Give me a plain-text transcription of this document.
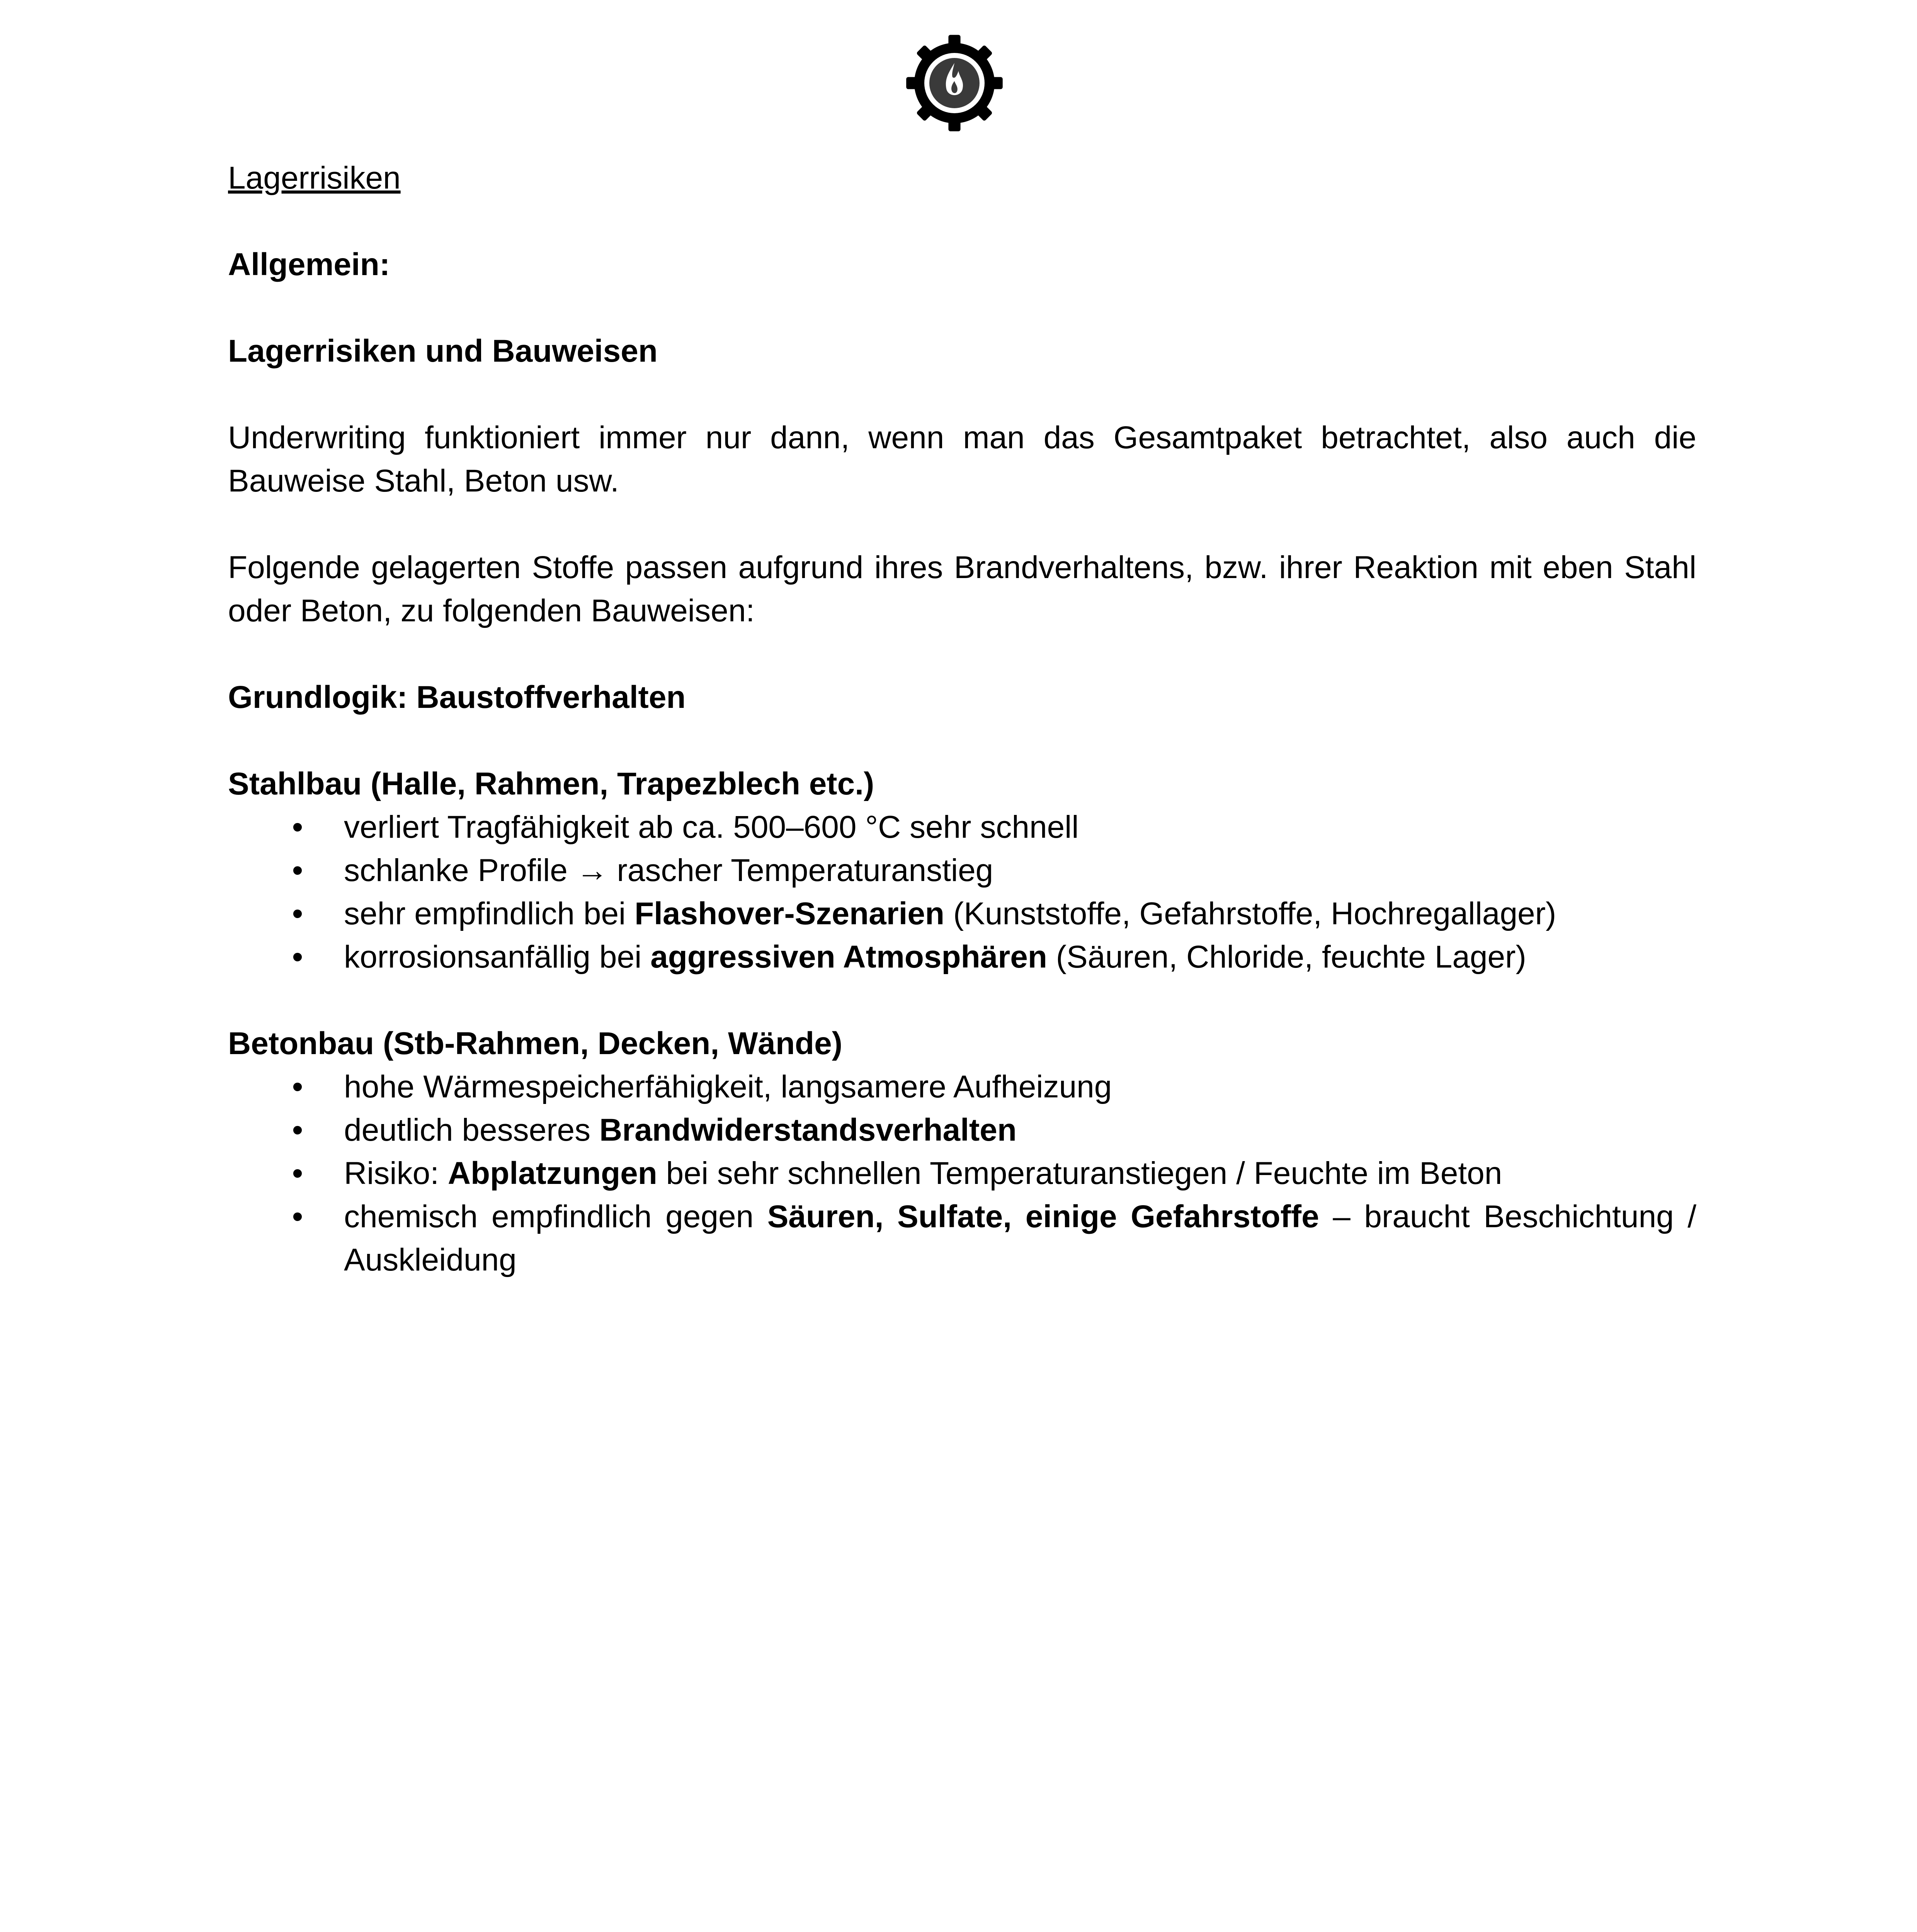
Lagerrisiken

Allgemein:

Lagerrisiken und Bauweisen

Underwriting funktioniert immer nur dann, wenn man das Gesamtpaket betrachtet, also auch die Bauweise Stahl, Beton usw.

Folgende gelagerten Stoffe passen aufgrund ihres Brandverhaltens, bzw. ihrer Reaktion mit eben Stahl oder Beton, zu folgenden Bauweisen:

Grundlogik: Baustoffverhalten

Stahlbau (Halle, Rahmen, Trapezblech etc.)

• verliert Tragfähigkeit ab ca. 500–600 °C sehr schnell
• schlanke Profile → rascher Temperaturanstieg
• sehr empfindlich bei Flashover-Szenarien (Kunststoffe, Gefahrstoffe, Hochregallager)
• korrosionsanfällig bei aggressiven Atmosphären (Säuren, Chloride, feuchte Lager)

Betonbau (Stb-Rahmen, Decken, Wände)

• hohe Wärmespeicherfähigkeit, langsamere Aufheizung
• deutlich besseres Brandwiderstandsverhalten
• Risiko: Abplatzungen bei sehr schnellen Temperaturanstiegen / Feuchte im Beton
• chemisch empfindlich gegen Säuren, Sulfate, einige Gefahrstoffe – braucht Beschichtung / Auskleidung
